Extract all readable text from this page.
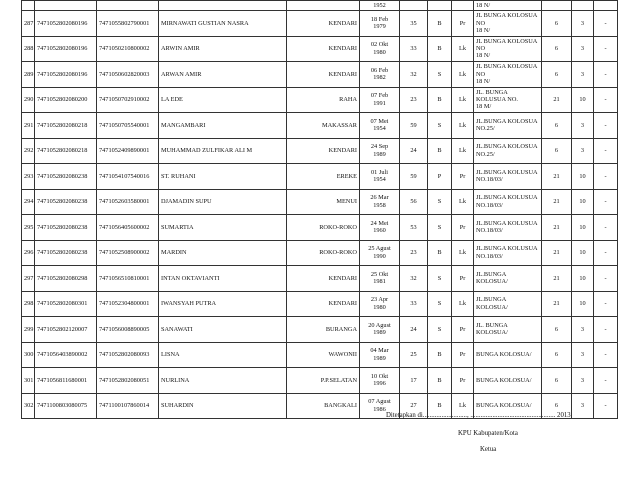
					1952				18 N/			
287	7471052802080196	7471055802790001	MIRNAWATI GUSTIAN NASRA	KENDARI	18 Feb
1979	35	B	Pr	JL BUNGA KOLOSUA NO
18 N/	6	3	-
288	7471052802080196	7471050210800002	ARWIN AMIR	KENDARI	02 Okt
1980	33	B	Lk	JL BUNGA KOLOSUA NO
18 N/	6	3	-
289	7471052802080196	7471050602820003	ARWAN AMIR	KENDARI	06 Feb
1982	32	S	Lk	JL BUNGA KOLOSUA NO
18 N/	6	3	-
290	7471052802080200	7471050702910002	LA EDE	RAHA	07 Feb
1991	23	B	Lk	JL. BUNGA KOLUSUA NO.
18 M/	21	10	-
291	7471052802080218	7471050705540001	MANGAMBARI	MAKASSAR	07 Mei
1954	59	S	Lk	JL.BUNGA KOLOSUA
NO.25/	6	3	-
292	7471052802080218	7471052409890001	MUHAMMAD ZULFIKAR ALI M	KENDARI	24 Sep
1989	24	B	Lk	JL.BUNGA KOLOSUA
NO.25/	6	3	-
293	7471052802080238	7471054107540016	ST. RUHANI	EREKE	01 Juli
1954	59	P	Pr	JL.BUNGA KOLUSUA
NO.18/03/	21	10	-
294	7471052802080238	7471052603580001	DJAMADIN SUPU	MENUI	26 Mar
1958	56	S	Lk	JL.BUNGA KOLUSUA
NO.18/03/	21	10	-
295	7471052802080238	7471056405600002	SUMARTIA	ROKO-ROKO	24 Mei
1960	53	S	Pr	JL.BUNGA KOLUSUA
NO.18/03/	21	10	-
296	7471052802080238	7471052508900002	MARDIN	ROKO-ROKO	25 Agust
1990	23	B	Lk	JL.BUNGA KOLUSUA
NO.18/03/	21	10	-
297	7471052802080298	7471056510810001	INTAN OKTAVIANTI	KENDARI	25 Okt
1981	32	S	Pr	JL.BUNGA KOLOSUA/	21	10	-
298	7471052802080301	7471052304800001	IWANSYAH PUTRA	KENDARI	23 Apr
1980	33	S	Lk	JL.BUNGA KOLOSUA/	21	10	-
299	7471052802120007	7471056008890005	SANAWATI	BURANGA	20 Agust
1989	24	S	Pr	JL. BUNGA KOLOSUA/	6	3	-
300	7471056403890002	7471052802080093	LISNA	WAWONII	04 Mar
1989	25	B	Pr	BUNGA KOLOSUA/	6	3	-
301	7471056811680001	7471052802080051	NURLINA	P.P.SELATAN	10 Okt
1996	17	B	Pr	BUNGA KOLOSUA/	6	3	-
302	7471100803080075	7471100107860014	SUHARDIN	BANGKALI	07 Agust
1986	27	B	Lk	BUNGA KOLOSUA/	6	3	-
Ditetapkan di.........................., .................................................. 2013
KPU Kabupaten/Kota
Ketua
